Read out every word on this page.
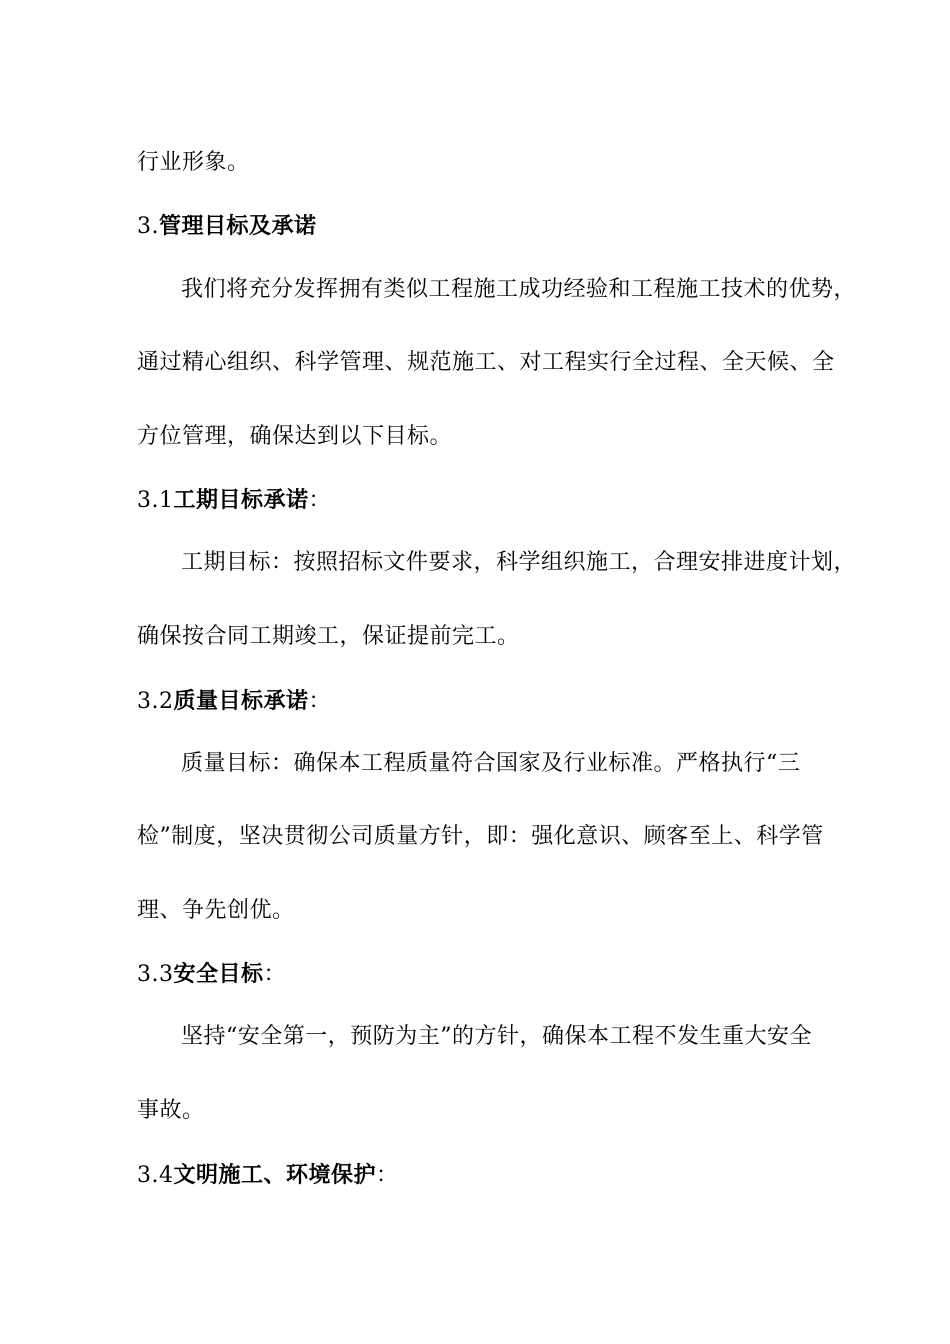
行业形象。
3.管理目标及承诺
我们将充分发挥拥有类似工程施工成功经验和工程施工技术的优势，
通过精心组织、科学管理、规范施工、对工程实行全过程、全天候、全
方位管理，确保达到以下目标。
3.1工期目标承诺：
工期目标：按照招标文件要求，科学组织施工，合理安排进度计划，
确保按合同工期竣工，保证提前完工。
3.2质量目标承诺：
质量目标：确保本工程质量符合国家及行业标准。严格执行“三
检”制度，坚决贯彻公司质量方针，即：强化意识、顾客至上、科学管
理、争先创优。
3.3安全目标：
坚持“安全第一，预防为主”的方针，确保本工程不发生重大安全
事故。
3.4文明施工、环境保护：
